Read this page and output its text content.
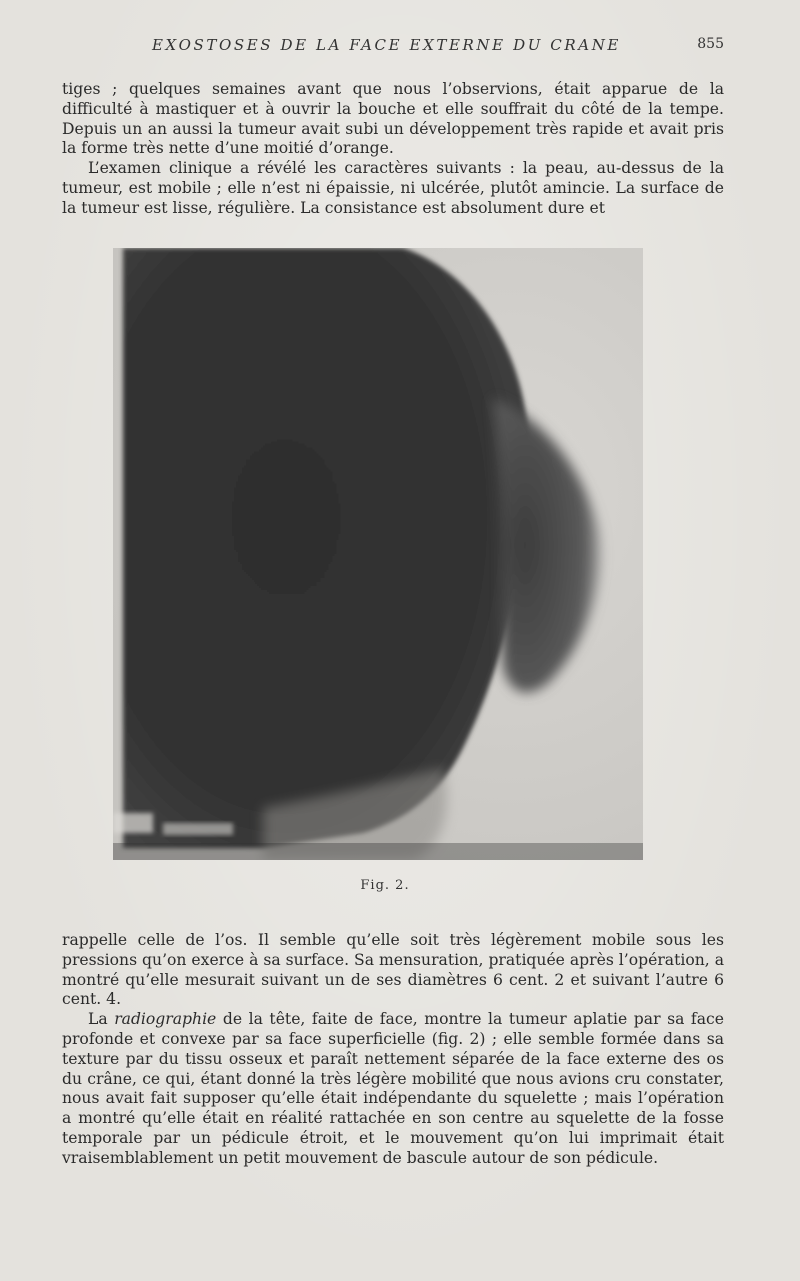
EXOSTOSES DE LA FACE EXTERNE DU CRANE	855

tiges ; quelques semaines avant que nous l’observions, était apparue de la difficulté à mastiquer et à ouvrir la bouche et elle souffrait du côté de la tempe. Depuis un an aussi la tumeur avait subi un développement très rapide et avait pris la forme très nette d’une moitié d’orange.

L’examen clinique a révélé les caractères suivants : la peau, au-dessus de la tumeur, est mobile ; elle n’est ni épaissie, ni ulcérée, plutôt amincie. La surface de la tumeur est lisse, régulière. La consistance est absolument dure et

Fig. 2.

rappelle celle de l’os. Il semble qu’elle soit très légèrement mobile sous les pressions qu’on exerce à sa surface. Sa mensuration, pratiquée après l’opération, a montré qu’elle mesurait suivant un de ses diamètres 6 cent. 2 et suivant l’autre 6 cent. 4.

La radiographie de la tête, faite de face, montre la tumeur aplatie par sa face profonde et convexe par sa face superficielle (fig. 2) ; elle semble formée dans sa texture par du tissu osseux et paraît nettement séparée de la face externe des os du crâne, ce qui, étant donné la très légère mobilité que nous avions cru constater, nous avait fait supposer qu’elle était indépendante du squelette ; mais l’opération a montré qu’elle était en réalité rattachée en son centre au squelette de la fosse temporale par un pédicule étroit, et le mouvement qu’on lui imprimait était vraisemblablement un petit mouvement de bascule autour de son pédicule.
